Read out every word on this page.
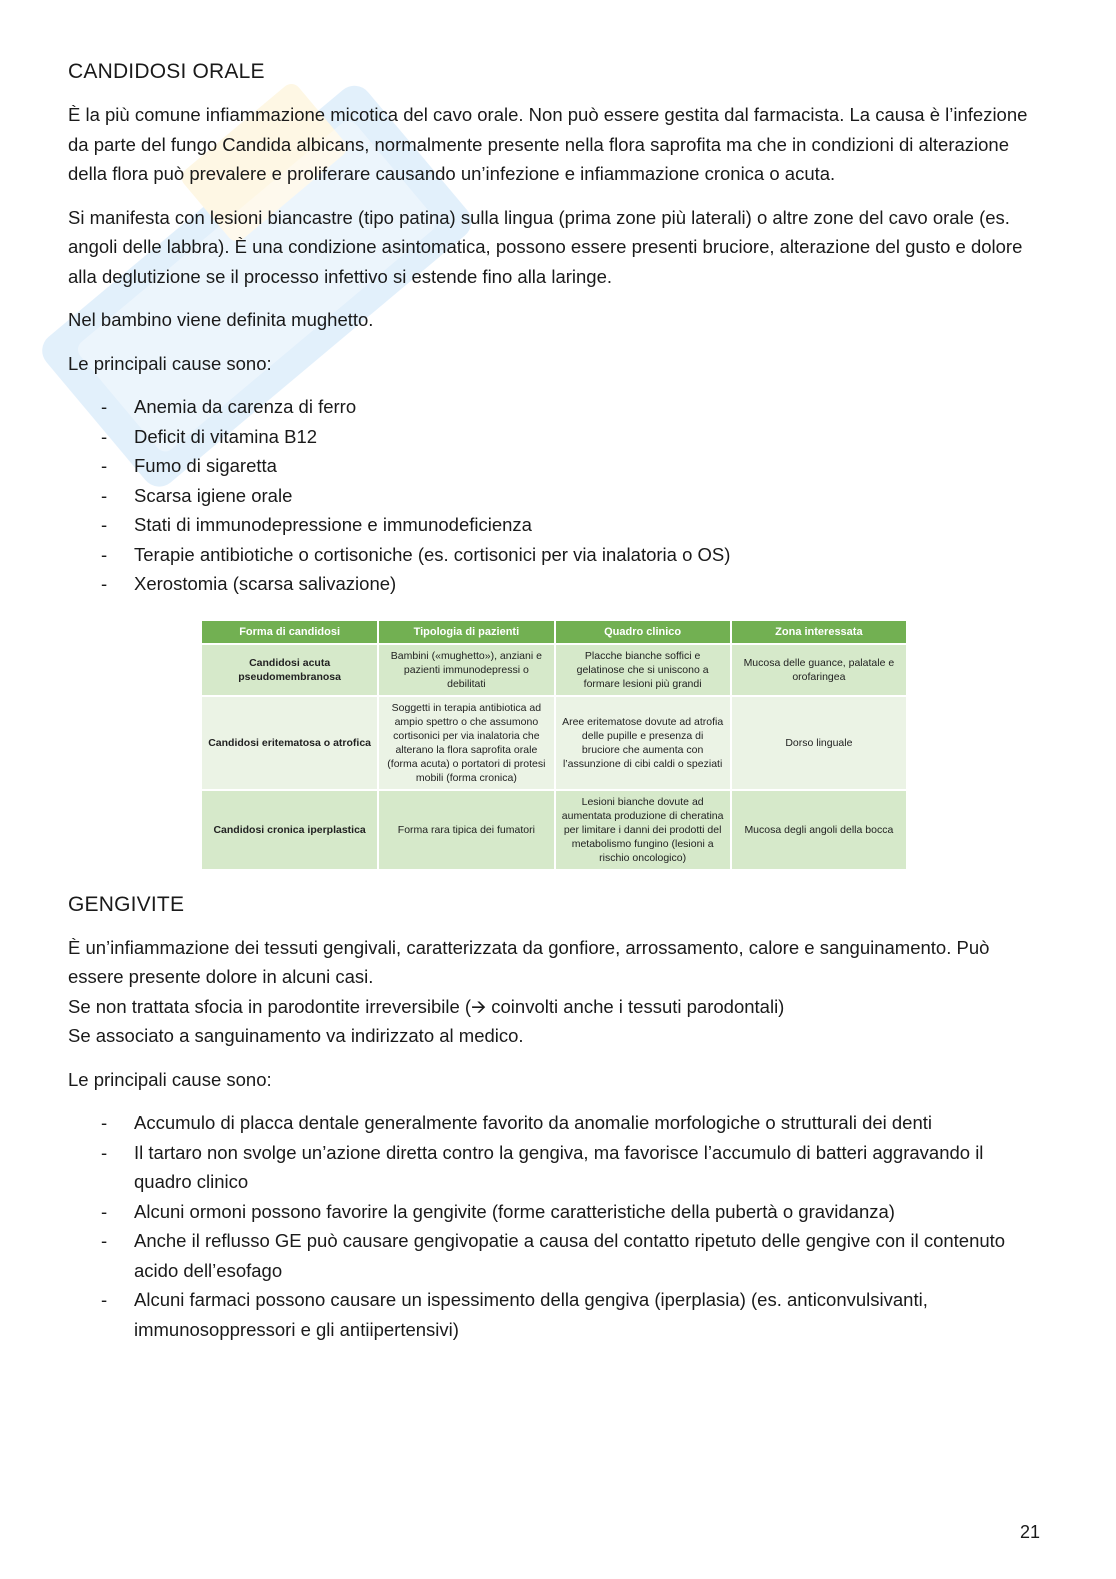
CANDIDOSI ORALE

È la più comune infiammazione micotica del cavo orale. Non può essere gestita dal farmacista. La causa è l’infezione da parte del fungo Candida albicans, normalmente presente nella flora saprofita ma che in condizioni di alterazione della flora può prevalere e proliferare causando un’infezione e infiammazione cronica o acuta.

Si manifesta con lesioni biancastre (tipo patina) sulla lingua (prima zone più laterali) o altre zone del cavo orale (es. angoli delle labbra). È una condizione asintomatica, possono essere presenti bruciore, alterazione del gusto e dolore alla deglutizione se il processo infettivo si estende fino alla laringe.

Nel bambino viene definita mughetto.

Le principali cause sono:

- Anemia da carenza di ferro
- Deficit di vitamina B12
- Fumo di sigaretta
- Scarsa igiene orale
- Stati di immunodepressione e immunodeficienza
- Terapie antibiotiche o cortisoniche (es. cortisonici per via inalatoria o OS)
- Xerostomia (scarsa salivazione)
Forma di candidosi	Tipologia di pazienti	Quadro clinico	Zona interessata
Candidosi acuta pseudomembranosa	Bambini («mughetto»), anziani e pazienti immunodepressi o debilitati	Placche bianche soffici e gelatinose che si uniscono a formare lesioni più grandi	Mucosa delle guance, palatale e orofaringea
Candidosi eritematosa o atrofica	Soggetti in terapia antibiotica ad ampio spettro o che assumono cortisonici per via inalatoria che alterano la flora saprofita orale (forma acuta) o portatori di protesi mobili (forma cronica)	Aree eritematose dovute ad atrofia delle pupille e presenza di bruciore che aumenta con l’assunzione di cibi caldi o speziati	Dorso linguale
Candidosi cronica iperplastica	Forma rara tipica dei fumatori	Lesioni bianche dovute ad aumentata produzione di cheratina per limitare i danni dei prodotti del metabolismo fungino (lesioni a rischio oncologico)	Mucosa degli angoli della bocca
GENGIVITE

È un’infiammazione dei tessuti gengivali, caratterizzata da gonfiore, arrossamento, calore e sanguinamento. Può essere presente dolore in alcuni casi.

Se non trattata sfocia in parodontite irreversibile (🡪 coinvolti anche i tessuti parodontali)

Se associato a sanguinamento va indirizzato al medico.

Le principali cause sono:

- Accumulo di placca dentale generalmente favorito da anomalie morfologiche o strutturali dei denti
- Il tartaro non svolge un’azione diretta contro la gengiva, ma favorisce l’accumulo di batteri aggravando il quadro clinico
- Alcuni ormoni possono favorire la gengivite (forme caratteristiche della pubertà o gravidanza)
- Anche il reflusso GE può causare gengivopatie a causa del contatto ripetuto delle gengive con il contenuto acido dell’esofago
- Alcuni farmaci possono causare un ispessimento della gengiva (iperplasia) (es. anticonvulsivanti, immunosoppressori e gli antiipertensivi)
21
